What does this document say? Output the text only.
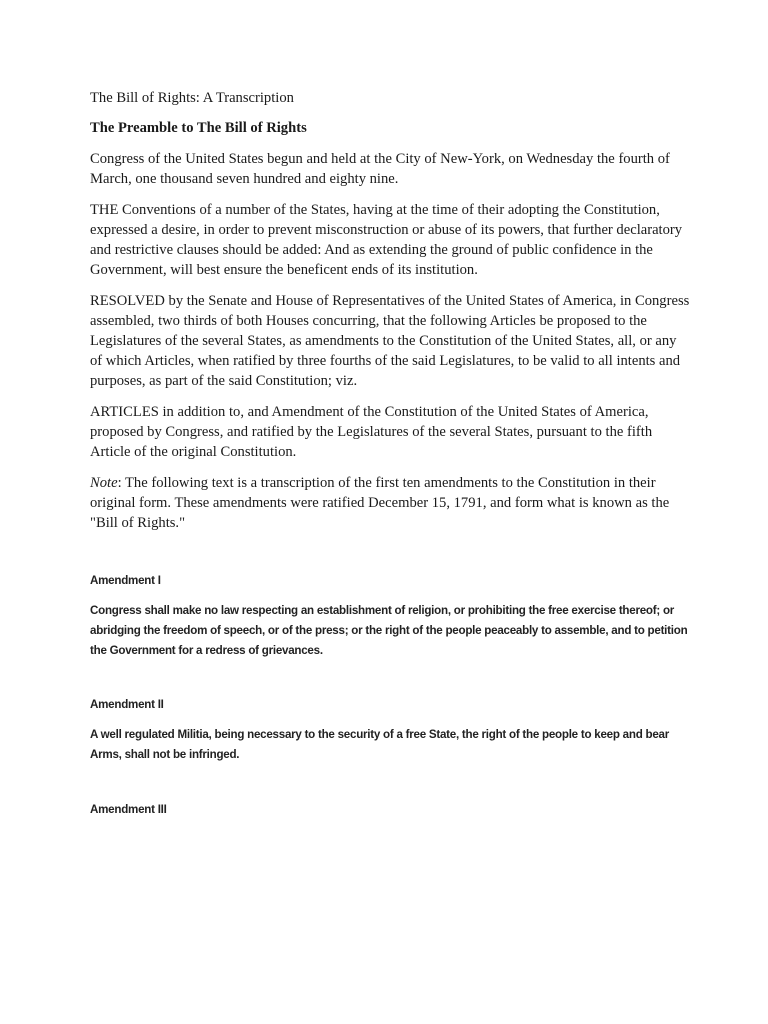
The Bill of Rights: A Transcription

The Preamble to The Bill of Rights

Congress of the United States begun and held at the City of New-York, on Wednesday the fourth of March, one thousand seven hundred and eighty nine.

THE Conventions of a number of the States, having at the time of their adopting the Constitution, expressed a desire, in order to prevent misconstruction or abuse of its powers, that further declaratory and restrictive clauses should be added: And as extending the ground of public confidence in the Government, will best ensure the beneficent ends of its institution.

RESOLVED by the Senate and House of Representatives of the United States of America, in Congress assembled, two thirds of both Houses concurring, that the following Articles be proposed to the Legislatures of the several States, as amendments to the Constitution of the United States, all, or any of which Articles, when ratified by three fourths of the said Legislatures, to be valid to all intents and purposes, as part of the said Constitution; viz.

ARTICLES in addition to, and Amendment of the Constitution of the United States of America, proposed by Congress, and ratified by the Legislatures of the several States, pursuant to the fifth Article of the original Constitution.

Note: The following text is a transcription of the first ten amendments to the Constitution in their original form. These amendments were ratified December 15, 1791, and form what is known as the "Bill of Rights."

Amendment I

Congress shall make no law respecting an establishment of religion, or prohibiting the free exercise thereof; or abridging the freedom of speech, or of the press; or the right of the people peaceably to assemble, and to petition the Government for a redress of grievances.

Amendment II

A well regulated Militia, being necessary to the security of a free State, the right of the people to keep and bear Arms, shall not be infringed.

Amendment III
